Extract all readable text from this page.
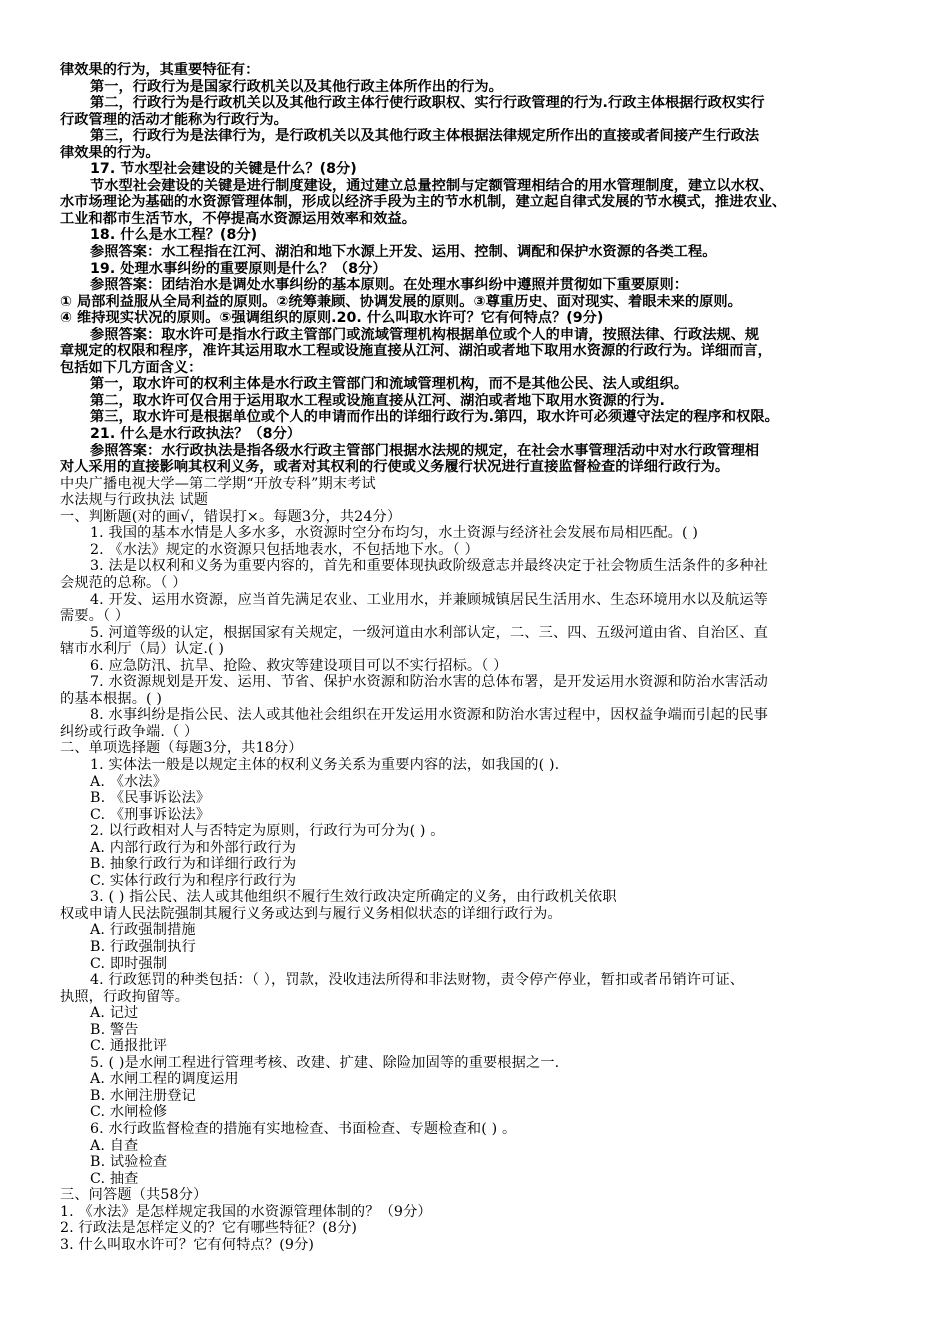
律效果的行为，其重要特征有：

第一，行政行为是国家行政机关以及其他行政主体所作出的行为。

第二，行政行为是行政机关以及其他行政主体行使行政职权、实行行政管理的行为.行政主体根据行政权实行

行政管理的活动才能称为行政行为。

第三，行政行为是法律行为，是行政机关以及其他行政主体根据法律规定所作出的直接或者间接产生行政法

律效果的行为。

17. 节水型社会建设的关键是什么？(8分)

节水型社会建设的关键是进行制度建设，通过建立总量控制与定额管理相结合的用水管理制度，建立以水权、

水市场理论为基础的水资源管理体制，形成以经济手段为主的节水机制，建立起自律式发展的节水模式，推进农业、

工业和都市生活节水，不停提高水资源运用效率和效益。

18. 什么是水工程？(8分)

参照答案：水工程指在江河、湖泊和地下水源上开发、运用、控制、调配和保护水资源的各类工程。

19. 处理水事纠纷的重要原则是什么？（8分）

参照答案：团结治水是调处水事纠纷的基本原则。在处理水事纠纷中遵照并贯彻如下重要原则：

① 局部利益服从全局利益的原则。②统筹兼顾、协调发展的原则。③尊重历史、面对现实、着眼未来的原则。

④ 维持现实状况的原则。⑤强调组织的原则.20. 什么叫取水许可？它有何特点？(9分)

参照答案：取水许可是指水行政主管部门或流域管理机构根据单位或个人的申请，按照法律、行政法规、规

章规定的权限和程序，准许其运用取水工程或设施直接从江河、湖泊或者地下取用水资源的行政行为。详细而言，

包括如下几方面含义：

第一，取水许可的权利主体是水行政主管部门和流域管理机构，而不是其他公民、法人或组织。

第二，取水许可仅合用于运用取水工程或设施直接从江河、湖泊或者地下取用水资源的行为.

第三，取水许可是根据单位或个人的申请而作出的详细行政行为.第四，取水许可必须遵守法定的程序和权限。

21. 什么是水行政执法？（8分）

参照答案：水行政执法是指各级水行政主管部门根据水法规的规定，在社会水事管理活动中对水行政管理相

对人采用的直接影响其权利义务，或者对其权利的行使或义务履行状况进行直接监督检查的详细行政行为。

中央广播电视大学—第二学期“开放专科”期末考试

水法规与行政执法 试题

一、判断题(对的画√，错误打×。每题3分，共24分）

1. 我国的基本水情是人多水多，水资源时空分布均匀，水土资源与经济社会发展布局相匹配。( )

2. 《水法》规定的水资源只包括地表水，不包括地下水。（ ）

3. 法是以权利和义务为重要内容的，首先和重要体现执政阶级意志并最终决定于社会物质生活条件的多种社

会规范的总称。（ ）

4. 开发、运用水资源，应当首先满足农业、工业用水，并兼顾城镇居民生活用水、生态环境用水以及航运等

需要。（ ）

5. 河道等级的认定，根据国家有关规定，一级河道由水利部认定，二、三、四、五级河道由省、自治区、直

辖市水利厅（局）认定.( )

6. 应急防汛、抗旱、抢险、救灾等建设项目可以不实行招标。（ ）

7. 水资源规划是开发、运用、节省、保护水资源和防治水害的总体布署，是开发运用水资源和防治水害活动

的基本根据。( )

8. 水事纠纷是指公民、法人或其他社会组织在开发运用水资源和防治水害过程中，因权益争端而引起的民事

纠纷或行政争端.（ ）

二、单项选择题（每题3分，共18分）

1. 实体法一般是以规定主体的权利义务关系为重要内容的法，如我国的( ).

A. 《水法》

B. 《民事诉讼法》

C. 《刑事诉讼法》

2. 以行政相对人与否特定为原则，行政行为可分为( ) 。

A. 内部行政行为和外部行政行为

B. 抽象行政行为和详细行政行为

C. 实体行政行为和程序行政行为

3. ( ) 指公民、法人或其他组织不履行生效行政决定所确定的义务，由行政机关依职

权或申请人民法院强制其履行义务或达到与履行义务相似状态的详细行政行为。

A. 行政强制措施

B. 行政强制执行

C. 即时强制

4. 行政惩罚的种类包括：（ ），罚款，没收违法所得和非法财物，责令停产停业，暂扣或者吊销许可证、

执照，行政拘留等。

A. 记过

B. 警告

C. 通报批评

5. ( )是水闸工程进行管理考核、改建、扩建、除险加固等的重要根据之一.

A. 水闸工程的调度运用

B. 水闸注册登记

C. 水闸检修

6. 水行政监督检查的措施有实地检查、书面检查、专题检查和( ) 。

A. 自查

B. 试验检查

C. 抽查

三、问答题（共58分）

1. 《水法》是怎样规定我国的水资源管理体制的？（9分）

2. 行政法是怎样定义的？它有哪些特征？(8分)

3. 什么叫取水许可？它有何特点？(9分)
